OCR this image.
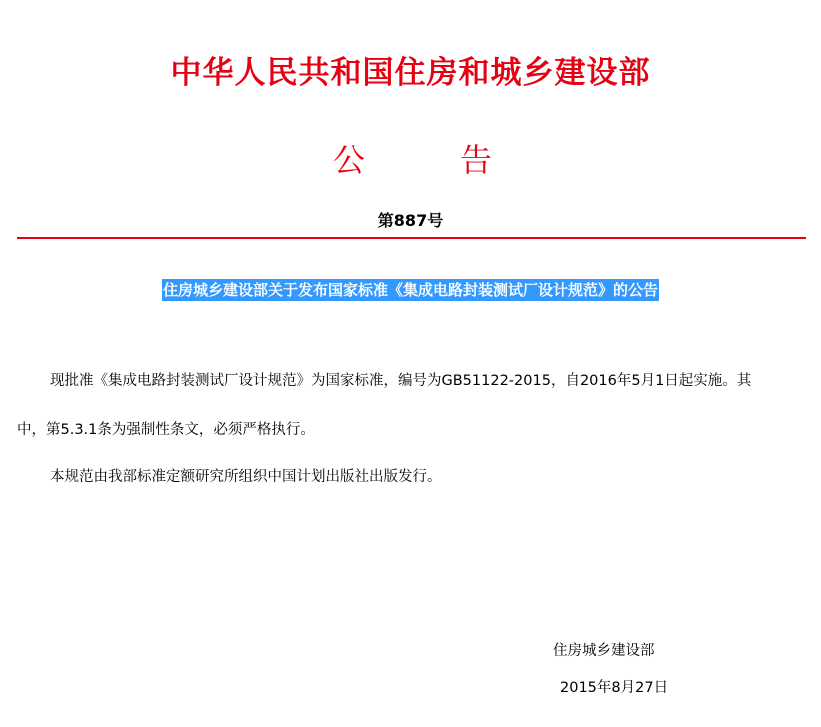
中华人民共和国住房和城乡建设部
公	告
第887号
住房城乡建设部关于发布国家标准《集成电路封装测试厂设计规范》的公告
现批准《集成电路封装测试厂设计规范》为国家标准，编号为GB51122-2015，自2016年5月1日起实施。其
中，第5.3.1条为强制性条文，必须严格执行。
本规范由我部标准定额研究所组织中国计划出版社出版发行。
住房城乡建设部
2015年8月27日
